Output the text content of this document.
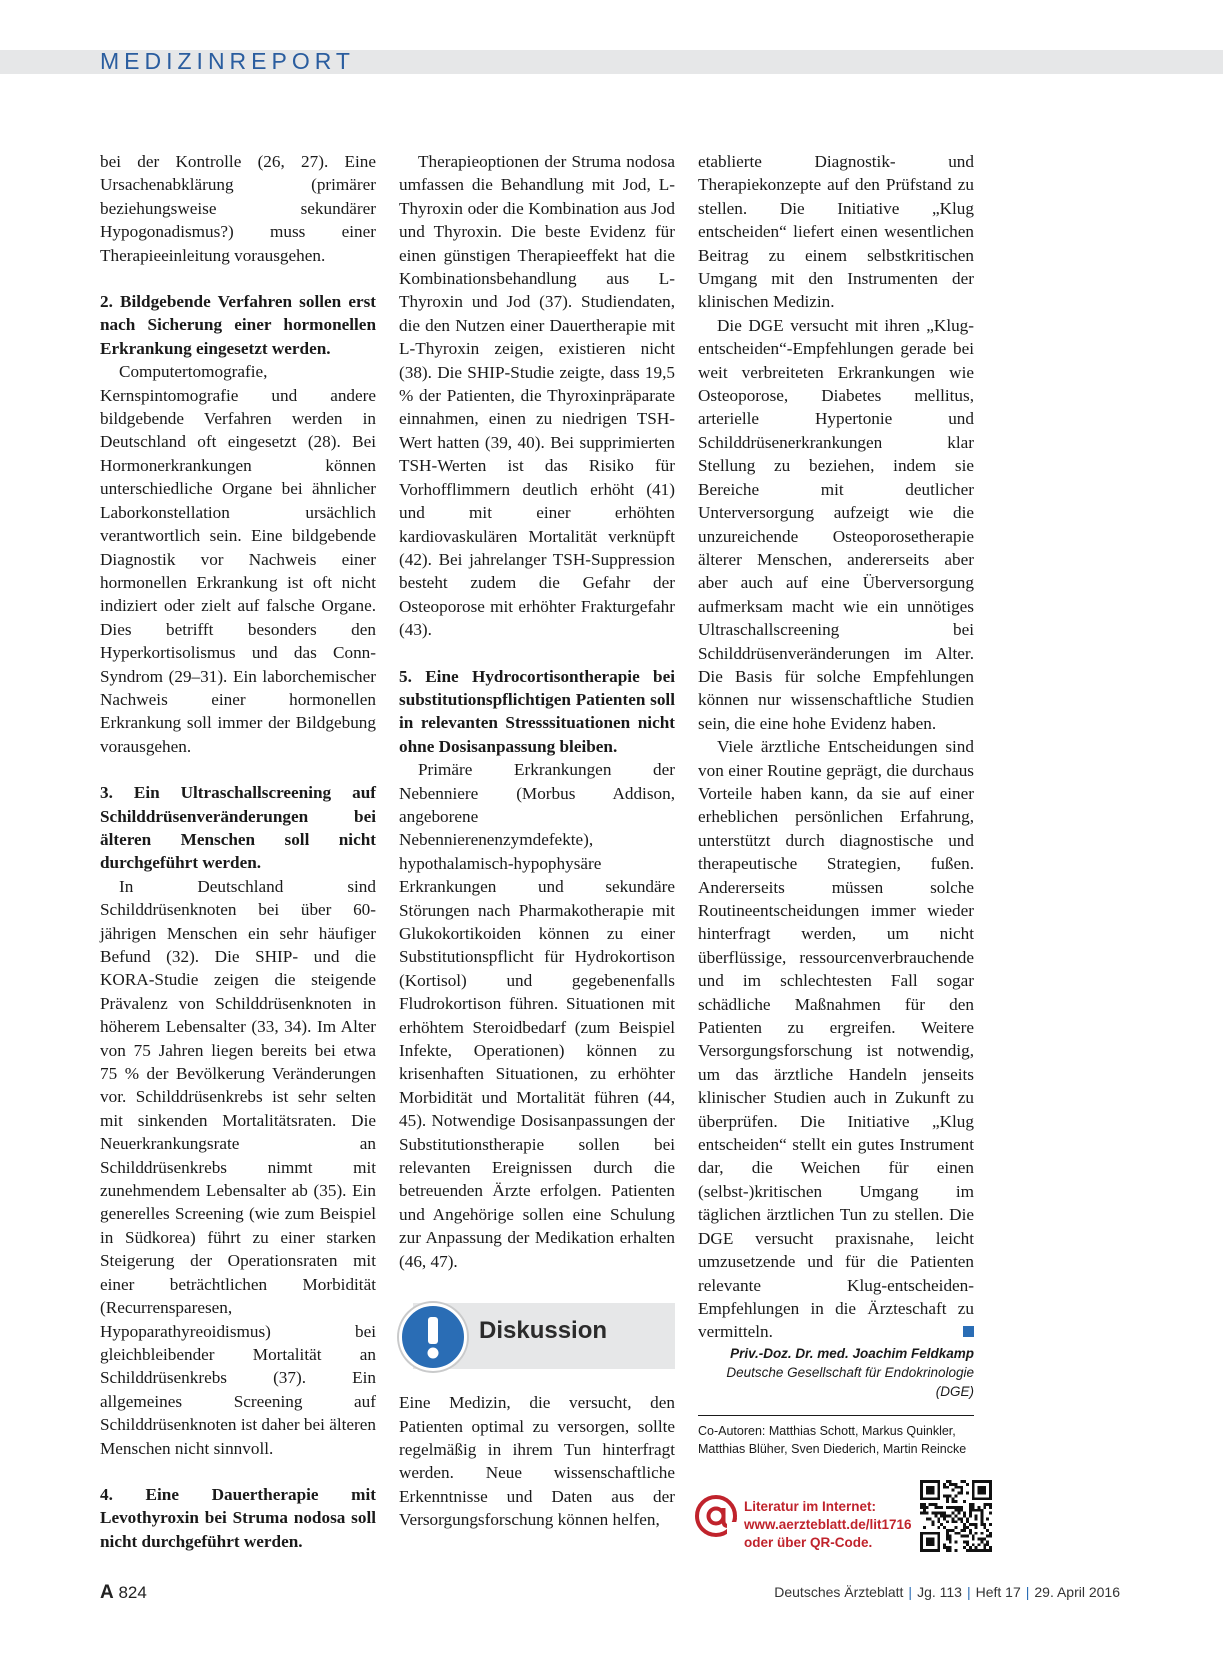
MEDIZINREPORT

bei der Kontrolle (26, 27). Eine Ursachenabklärung (primärer beziehungsweise sekundärer Hypogonadismus?) muss einer Therapieeinleitung vorausgehen.

2. Bildgebende Verfahren sollen erst nach Sicherung einer hormonellen Erkrankung eingesetzt werden.

Computertomografie, Kernspintomografie und andere bildgebende Verfahren werden in Deutschland oft eingesetzt (28). Bei Hormonerkrankungen können unterschiedliche Organe bei ähnlicher Laborkonstellation ursächlich verantwortlich sein. Eine bildgebende Diagnostik vor Nachweis einer hormonellen Erkrankung ist oft nicht indiziert oder zielt auf falsche Organe. Dies betrifft besonders den Hyperkortisolismus und das Conn-Syndrom (29–31). Ein laborchemischer Nachweis einer hormonellen Erkrankung soll immer der Bildgebung vorausgehen.

3. Ein Ultraschallscreening auf Schilddrüsenveränderungen bei älteren Menschen soll nicht durchgeführt werden.

In Deutschland sind Schilddrüsenknoten bei über 60-jährigen Menschen ein sehr häufiger Befund (32). Die SHIP- und die KORA-Studie zeigen die steigende Prävalenz von Schilddrüsenknoten in höherem Lebensalter (33, 34). Im Alter von 75 Jahren liegen bereits bei etwa 75 % der Bevölkerung Veränderungen vor. Schilddrüsenkrebs ist sehr selten mit sinkenden Mortalitätsraten. Die Neuerkrankungsrate an Schilddrüsenkrebs nimmt mit zunehmendem Lebensalter ab (35). Ein generelles Screening (wie zum Beispiel in Südkorea) führt zu einer starken Steigerung der Operationsraten mit einer beträchtlichen Morbidität (Recurrensparesen, Hypoparathyreoidismus) bei gleichbleibender Mortalität an Schilddrüsenkrebs (37). Ein allgemeines Screening auf Schilddrüsenknoten ist daher bei älteren Menschen nicht sinnvoll.

4. Eine Dauertherapie mit Levothyroxin bei Struma nodosa soll nicht durchgeführt werden.

Therapieoptionen der Struma nodosa umfassen die Behandlung mit Jod, L-Thyroxin oder die Kombination aus Jod und Thyroxin. Die beste Evidenz für einen günstigen Therapieeffekt hat die Kombinationsbehandlung aus L-Thyroxin und Jod (37). Studiendaten, die den Nutzen einer Dauertherapie mit L-Thyroxin zeigen, existieren nicht (38). Die SHIP-Studie zeigte, dass 19,5 % der Patienten, die Thyroxinpräparate einnahmen, einen zu niedrigen TSH-Wert hatten (39, 40). Bei supprimierten TSH-Werten ist das Risiko für Vorhofflimmern deutlich erhöht (41) und mit einer erhöhten kardiovaskulären Mortalität verknüpft (42). Bei jahrelanger TSH-Suppression besteht zudem die Gefahr der Osteoporose mit erhöhter Frakturgefahr (43).

5. Eine Hydrocortisontherapie bei substitutionspflichtigen Patienten soll in relevanten Stresssituationen nicht ohne Dosisanpassung bleiben.

Primäre Erkrankungen der Nebenniere (Morbus Addison, angeborene Nebennierenenzymdefekte), hypothalamisch-hypophysäre Erkrankungen und sekundäre Störungen nach Pharmakotherapie mit Glukokortikoiden können zu einer Substitutionspflicht für Hydrokortison (Kortisol) und gegebenenfalls Fludrokortison führen. Situationen mit erhöhtem Steroidbedarf (zum Beispiel Infekte, Operationen) können zu krisenhaften Situationen, zu erhöhter Morbidität und Mortalität führen (44, 45). Notwendige Dosisanpassungen der Substitutionstherapie sollen bei relevanten Ereignissen durch die betreuenden Ärzte erfolgen. Patienten und Angehörige sollen eine Schulung zur Anpassung der Medikation erhalten (46, 47).

Diskussion

Eine Medizin, die versucht, den Patienten optimal zu versorgen, sollte regelmäßig in ihrem Tun hinterfragt werden. Neue wissenschaftliche Erkenntnisse und Daten aus der Versorgungsforschung können helfen,

etablierte Diagnostik- und Therapiekonzepte auf den Prüfstand zu stellen. Die Initiative „Klug entscheiden“ liefert einen wesentlichen Beitrag zu einem selbstkritischen Umgang mit den Instrumenten der klinischen Medizin.

Die DGE versucht mit ihren „Klug-entscheiden“-Empfehlungen gerade bei weit verbreiteten Erkrankungen wie Osteoporose, Diabetes mellitus, arterielle Hypertonie und Schilddrüsenerkrankungen klar Stellung zu beziehen, indem sie Bereiche mit deutlicher Unterversorgung aufzeigt wie die unzureichende Osteoporosetherapie älterer Menschen, andererseits aber aber auch auf eine Überversorgung aufmerksam macht wie ein unnötiges Ultraschallscreening bei Schilddrüsenveränderungen im Alter. Die Basis für solche Empfehlungen können nur wissenschaftliche Studien sein, die eine hohe Evidenz haben.

Viele ärztliche Entscheidungen sind von einer Routine geprägt, die durchaus Vorteile haben kann, da sie auf einer erheblichen persönlichen Erfahrung, unterstützt durch diagnostische und therapeutische Strategien, fußen. Andererseits müssen solche Routineentscheidungen immer wieder hinterfragt werden, um nicht überflüssige, ressourcenverbrauchende und im schlechtesten Fall sogar schädliche Maßnahmen für den Patienten zu ergreifen. Weitere Versorgungsforschung ist notwendig, um das ärztliche Handeln jenseits klinischer Studien auch in Zukunft zu überprüfen. Die Initiative „Klug entscheiden“ stellt ein gutes Instrument dar, die Weichen für einen (selbst-)kritischen Umgang im täglichen ärztlichen Tun zu stellen. Die DGE versucht praxisnahe, leicht umzusetzende und für die Patienten relevante Klug-entscheiden-Empfehlungen in die Ärzteschaft zu vermitteln.

Priv.-Doz. Dr. med. Joachim Feldkamp
Deutsche Gesellschaft für Endokrinologie (DGE)
Co-Autoren: Matthias Schott, Markus Quinkler, Matthias Blüher, Sven Diederich, Martin Reincke
Literatur im Internet:
www.aerzteblatt.de/lit1716
oder über QR-Code.
A 824	Deutsches Ärzteblatt | Jg. 113 | Heft 17 | 29. April 2016
